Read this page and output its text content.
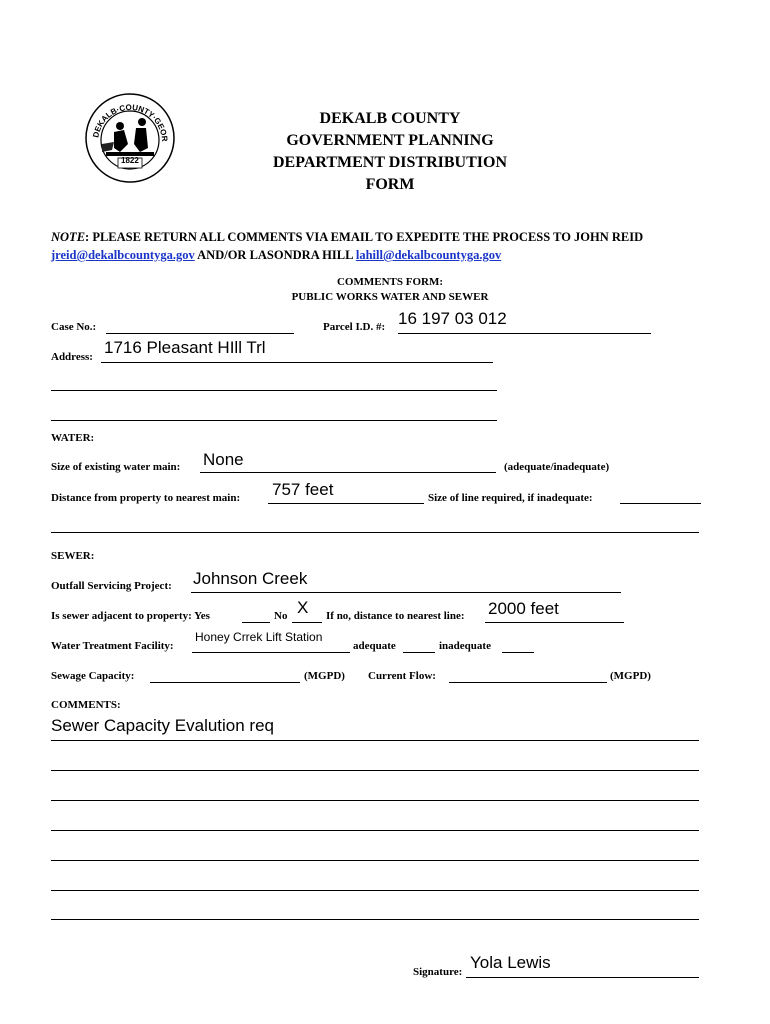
DEKALB·COUNTY·GEOR
1822
DEKALB COUNTY
GOVERNMENT PLANNING
DEPARTMENT DISTRIBUTION
FORM
NOTE: PLEASE RETURN ALL COMMENTS VIA EMAIL TO EXPEDITE THE PROCESS TO JOHN REID jreid@dekalbcountyga.gov AND/OR LASONDRA HILL lahill@dekalbcountyga.gov
COMMENTS FORM:
PUBLIC WORKS WATER AND SEWER
Case No.:	Parcel I.D. #: 16 197 03 012
Address: 1716 Pleasant HIll Trl
WATER:
Size of existing water main: None	(adequate/inadequate)
Distance from property to nearest main: 757 feet	Size of line required, if inadequate:
SEWER:
Outfall Servicing Project: Johnson Creek
Is sewer adjacent to property: Yes	No X If no, distance to nearest line: 2000 feet
Water Treatment Facility:
Honey Crrek Lift Station
adequate	inadequate
Sewage Capacity:	(MGPD) Current Flow:	(MGPD)
COMMENTS:
Sewer Capacity Evalution req
Signature: Yola Lewis
